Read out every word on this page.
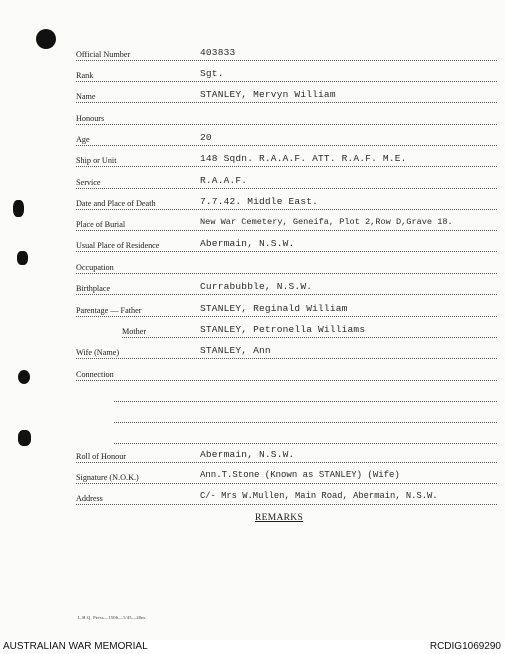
Official Number	403833
Rank	Sgt.
Name	STANLEY, Mervyn William
Honours
Age	20
Ship or Unit	148 Sqdn. R.A.A.F. ATT. R.A.F. M.E.
Service	R.A.A.F.
Date and Place of Death	7.7.42. Middle East.
Place of Burial	New War Cemetery, Geneifa, Plot 2,Row D,Grave 18.
Usual Place of Residence	Abermain, N.S.W.
Occupation
Birthplace	Currabubble, N.S.W.
Parentage — Father	STANLEY, Reginald William
Mother	STANLEY, Petronella Williams
Wife (Name)	STANLEY, Ann
Connection
Roll of Honour	Abermain, N.S.W.
Signature (N.O.K.)	Ann.T.Stone (Known as STANLEY) (Wife)
Address	C/- Mrs W.Mullen, Main Road, Abermain, N.S.W.
REMARKS
L.H.Q. Press—1506—1/45—20m.
AUSTRALIAN WAR MEMORIAL	RCDIG1069290
